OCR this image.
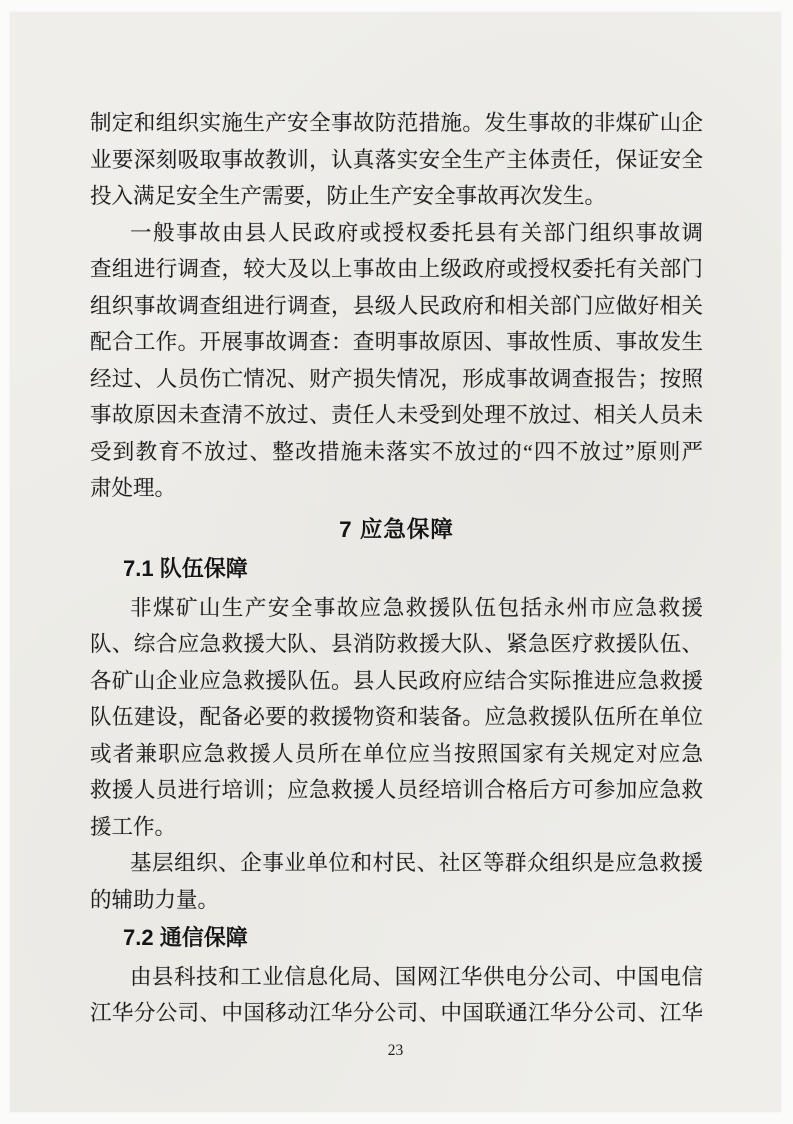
制定和组织实施生产安全事故防范措施。发生事故的非煤矿山企
业要深刻吸取事故教训，认真落实安全生产主体责任，保证安全
投入满足安全生产需要，防止生产安全事故再次发生。
一般事故由县人民政府或授权委托县有关部门组织事故调
查组进行调查，较大及以上事故由上级政府或授权委托有关部门
组织事故调查组进行调查，县级人民政府和相关部门应做好相关
配合工作。开展事故调查：查明事故原因、事故性质、事故发生
经过、人员伤亡情况、财产损失情况，形成事故调查报告；按照
事故原因未查清不放过、责任人未受到处理不放过、相关人员未
受到教育不放过、整改措施未落实不放过的“四不放过”原则严
肃处理。
7 应急保障
7.1 队伍保障
非煤矿山生产安全事故应急救援队伍包括永州市应急救援
队、综合应急救援大队、县消防救援大队、紧急医疗救援队伍、
各矿山企业应急救援队伍。县人民政府应结合实际推进应急救援
队伍建设，配备必要的救援物资和装备。应急救援队伍所在单位
或者兼职应急救援人员所在单位应当按照国家有关规定对应急
救援人员进行培训；应急救援人员经培训合格后方可参加应急救
援工作。
基层组织、企事业单位和村民、社区等群众组织是应急救援
的辅助力量。
7.2 通信保障
由县科技和工业信息化局、国网江华供电分公司、中国电信
江华分公司、中国移动江华分公司、中国联通江华分公司、江华
23
